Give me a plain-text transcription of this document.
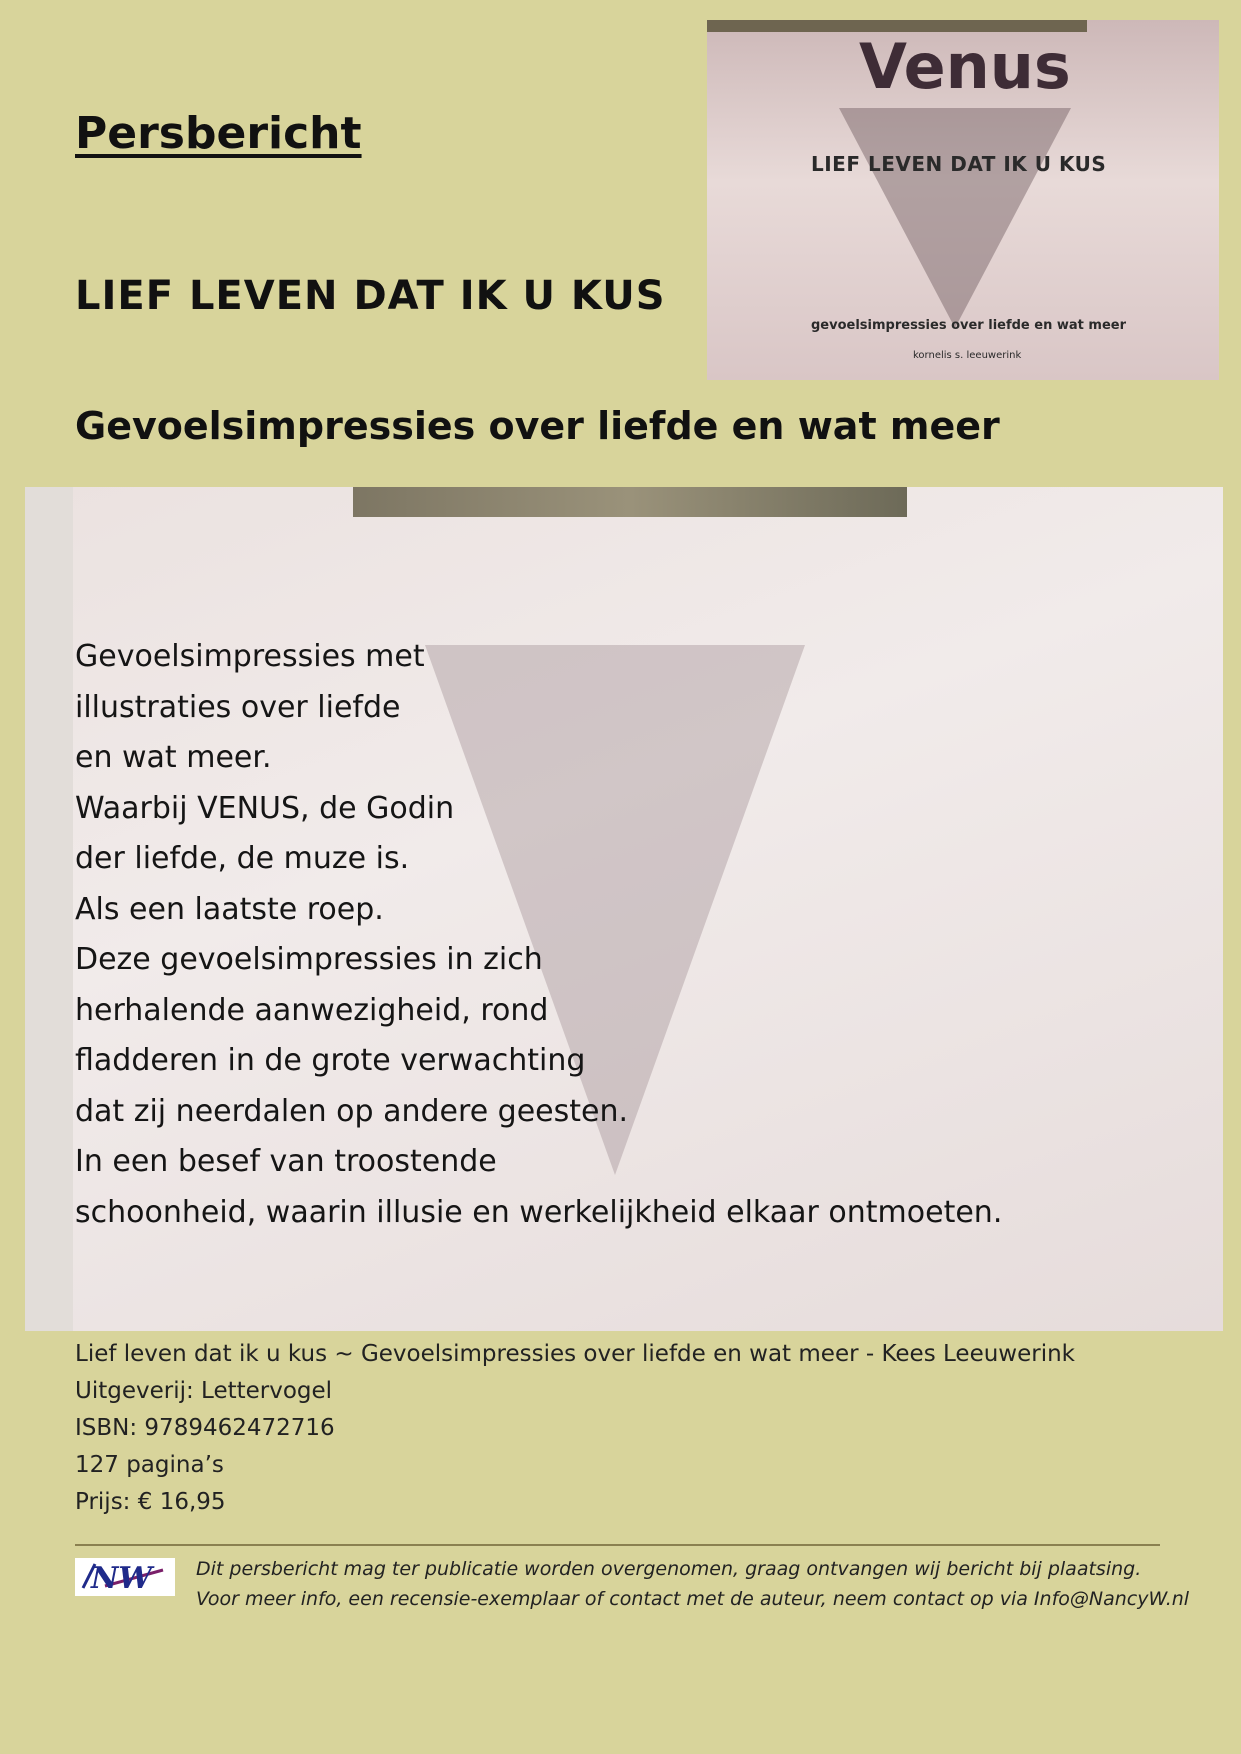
Persbericht
LIEF LEVEN DAT IK U KUS
Gevoelsimpressies over liefde en wat meer
Venus
LIEF LEVEN DAT IK U KUS
gevoelsimpressies over liefde en wat meer
kornelis s. leeuwerink
Gevoelsimpressies met
illustraties over liefde
en wat meer.
Waarbij VENUS, de Godin
der liefde, de muze is.
Als een laatste roep.
Deze gevoelsimpressies in zich
herhalende aanwezigheid, rond
fladderen in de grote verwachting
dat zij neerdalen op andere geesten.
In een besef van troostende
schoonheid, waarin illusie en werkelijkheid elkaar ontmoeten.
Lief leven dat ik u kus ~ Gevoelsimpressies over liefde en wat meer - Kees Leeuwerink
Uitgeverij: Lettervogel
ISBN: 9789462472716
127 pagina’s
Prijs: € 16,95
NW Dit persbericht mag ter publicatie worden overgenomen, graag ontvangen wij bericht bij plaatsing.
Voor meer info, een recensie-exemplaar of contact met de auteur, neem contact op via Info@NancyW.nl
